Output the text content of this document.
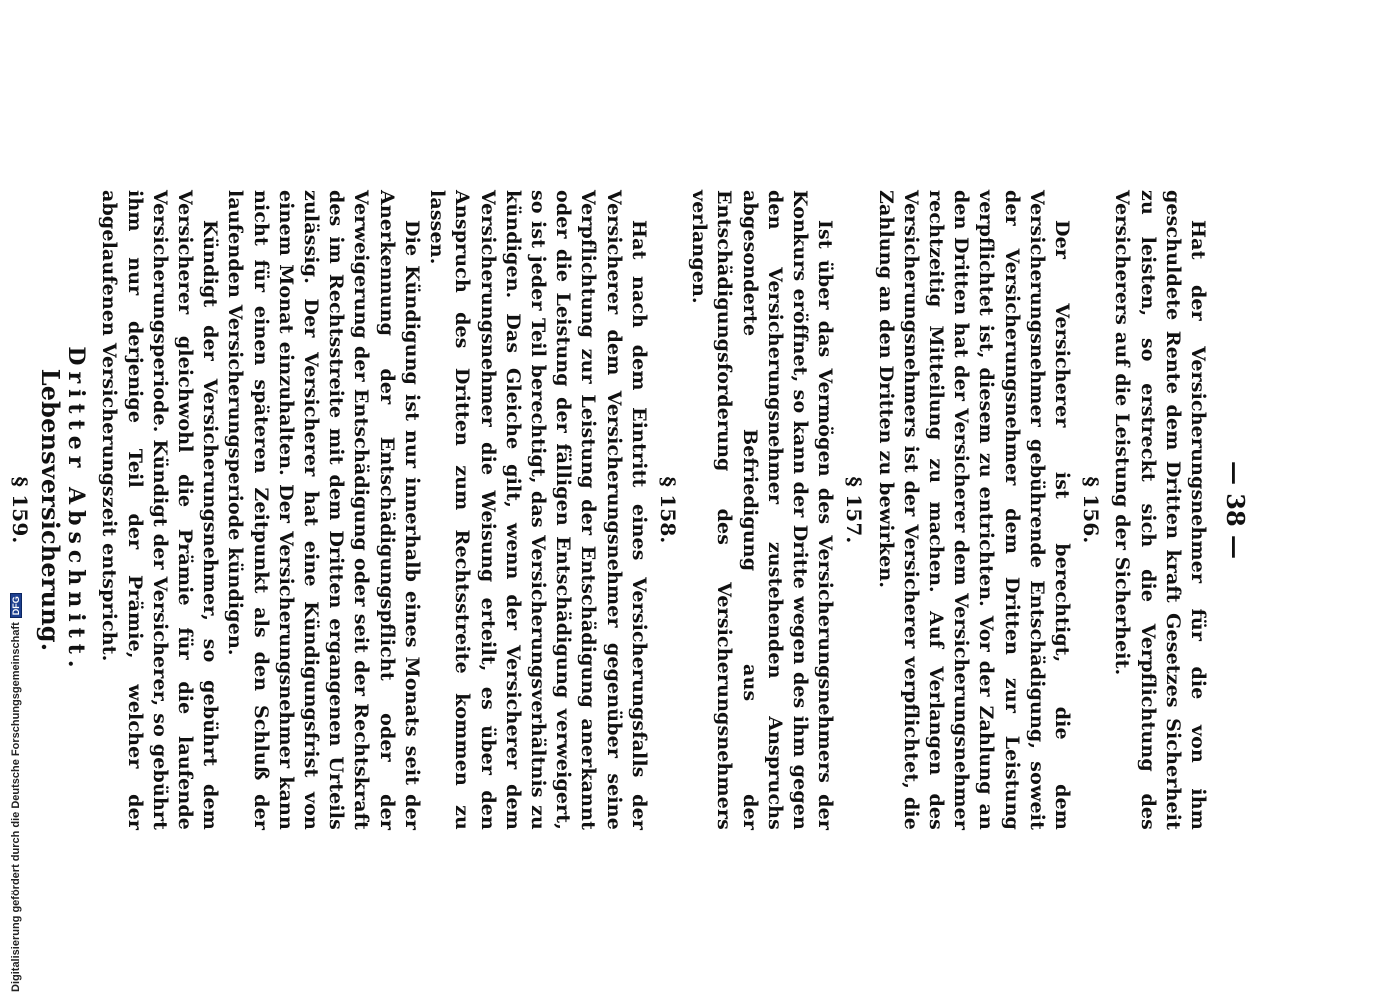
— 38 —

Hat der Versicherungsnehmer für die von ihm geschuldete Rente dem Dritten kraft Gesetzes Sicherheit zu leisten, so erstreckt sich die Verpflichtung des Versicherers auf die Leistung der Sicherheit.

§ 156.

Der Versicherer ist berechtigt, die dem Versicherungsnehmer gebührende Entschädigung, soweit der Versicherungsnehmer dem Dritten zur Leistung verpflichtet ist, diesem zu entrichten. Vor der Zahlung an den Dritten hat der Versicherer dem Versicherungsnehmer rechtzeitig Mitteilung zu machen. Auf Verlangen des Versicherungsnehmers ist der Versicherer verpflichtet, die Zahlung an den Dritten zu bewirken.

§ 157.

Ist über das Vermögen des Versicherungsnehmers der Konkurs eröffnet, so kann der Dritte wegen des ihm gegen den Versicherungsnehmer zustehenden Anspruchs abgesonderte Befriedigung aus der Entschädigungsforderung des Versicherungsnehmers verlangen.

§ 158.

Hat nach dem Eintritt eines Versicherungsfalls der Versicherer dem Versicherungsnehmer gegenüber seine Verpflichtung zur Leistung der Entschädigung anerkannt oder die Leistung der fälligen Entschädigung verweigert, so ist jeder Teil berechtigt, das Versicherungsverhältnis zu kündigen. Das Gleiche gilt, wenn der Versicherer dem Versicherungsnehmer die Weisung erteilt, es über den Anspruch des Dritten zum Rechtsstreite kommen zu lassen.

Die Kündigung ist nur innerhalb eines Monats seit der Anerkennung der Entschädigungspflicht oder der Verweigerung der Entschädigung oder seit der Rechtskraft des im Rechtsstreite mit dem Dritten ergangenen Urteils zulässig. Der Versicherer hat eine Kündigungsfrist von einem Monat einzuhalten. Der Versicherungsnehmer kann nicht für einen späteren Zeitpunkt als den Schluß der laufenden Versicherungsperiode kündigen.

Kündigt der Versicherungsnehmer, so gebührt dem Versicherer gleichwohl die Prämie für die laufende Versicherungsperiode. Kündigt der Versicherer, so gebührt ihm nur derjenige Teil der Prämie, welcher der abgelaufenen Versicherungszeit entspricht.

Dritter Abschnitt.
Lebensversicherung.
§ 159.

Digitalisierung gefördert durch die Deutsche Forschungsgemeinschaft
DFG
